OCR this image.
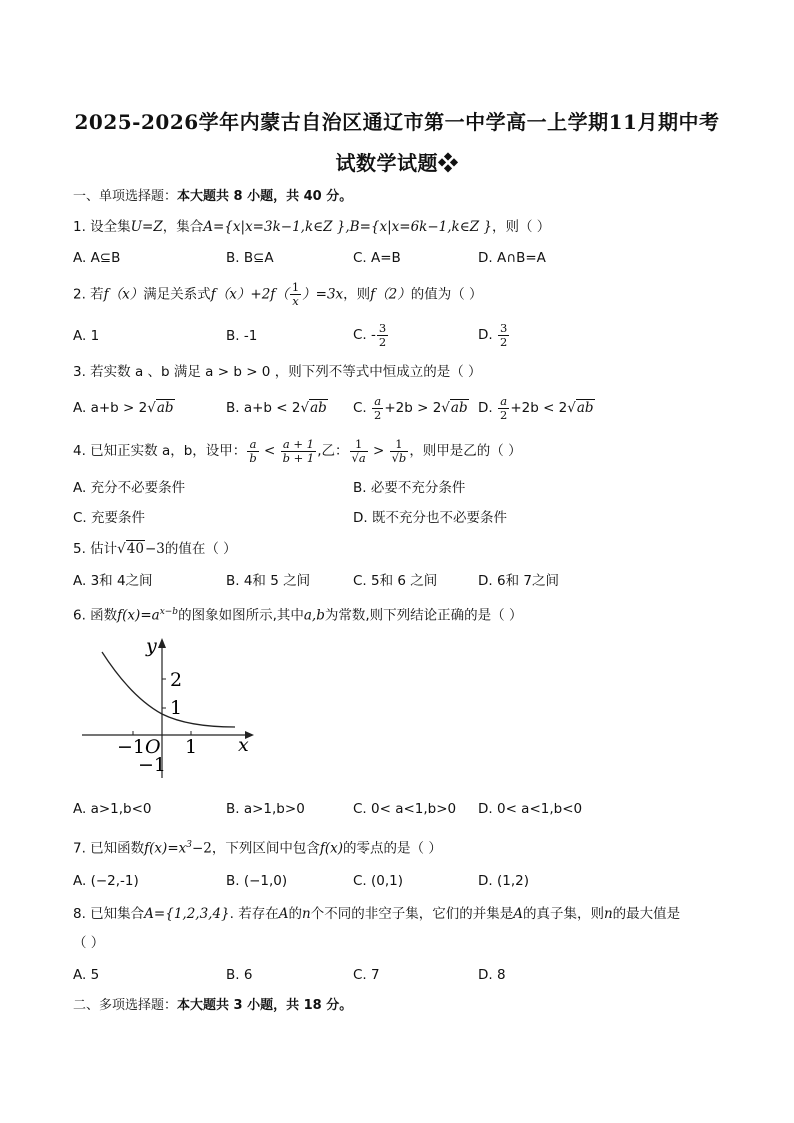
2025-2026学年内蒙古自治区通辽市第一中学高一上学期11月期中考
试数学试题❖
一、单项选择题：本大题共 8 小题，共 40 分。
1. 设全集U=Z，集合A={x|x=3k−1,k∈Z },B={x|x=6k−1,k∈Z }，则（ ）
A. A⊆B	B. B⊆A	C. A=B	D. A∩B=A
2. 若f（x）满足关系式$f(x)+2f( \frac{1}{x} )=3x$，则f（2）的值为（ ）
A. 1	B. -1	C. - $\frac{3}{2}$	D. $\frac{3}{2}$
3. 若实数 a 、b 满足 a > b > 0 ，则下列不等式中恒成立的是（ ）
A. a+b > 2√ab	B. a+b < 2√ab C. $\frac{a}{2} +2b > 2√ab$ D. $\frac{a}{2} +2b < 2√ab$
4. 已知正实数 a，b，设甲： $\frac{a}{b} < \frac{a + 1}{b + 1}$ ,乙： $\frac{1}{√a} > \frac{1}{√b}$ ，则甲是乙的（ ）
A. 充分不必要条件	B. 必要不充分条件
C. 充要条件	D. 既不充分也不必要条件
5. 估计√40−3的值在（ ）
A. 3和 4之间	B. 4和 5 之间	C. 5和 6 之间	D. 6和 7之间
6. 函数$f(x)=a^{x-b}$的图象如图所示,其中a,b为常数,则下列结论正确的是（ ）
y
x
2
1
O
−1 1
−1
A. a>1,b<0	B. a>1,b>0	C. 0< a<1,b>0 D. 0< a<1,b<0
7. 已知函数$f(x)=x^3-2$，下列区间中包含f(x)的零点的是（ ）
A. (−2,-1)	B. (−1,0)	C. (0,1)	D. (1,2)
8. 已知集合A={1,2,3,4}. 若存在A的n个不同的非空子集，它们的并集是A的真子集，则n的最大值是
（ ）
A. 5	B. 6	C. 7	D. 8
二、多项选择题：本大题共 3 小题，共 18 分。
